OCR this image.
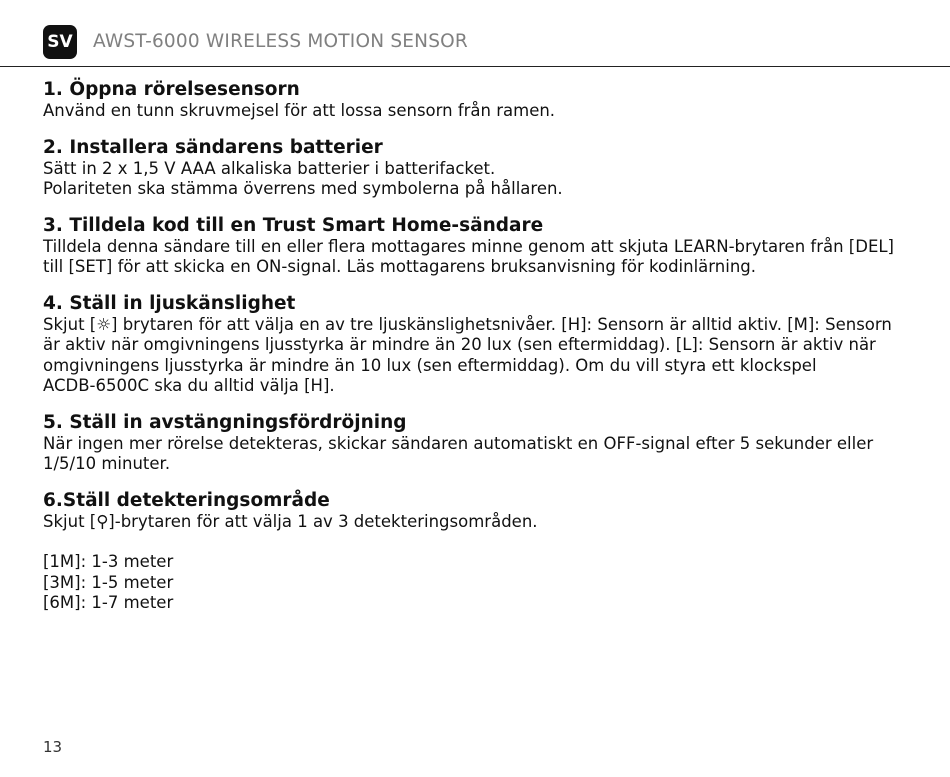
SV AWST-6000 WIRELESS MOTION SENSOR
1. Öppna rörelsesensorn

Använd en tunn skruvmejsel för att lossa sensorn från ramen.

2. Installera sändarens batterier

Sätt in 2 x 1,5 V AAA alkaliska batterier i batterifacket.

Polariteten ska stämma överrens med symbolerna på hållaren.

3. Tilldela kod till en Trust Smart Home-sändare

Tilldela denna sändare till en eller flera mottagares minne genom att skjuta LEARN-brytaren från [DEL]

till [SET] för att skicka en ON-signal. Läs mottagarens bruksanvisning för kodinlärning.

4. Ställ in ljuskänslighet

Skjut [☼] brytaren för att välja en av tre ljuskänslighetsnivåer. [H]: Sensorn är alltid aktiv. [M]: Sensorn

är aktiv när omgivningens ljusstyrka är mindre än 20 lux (sen eftermiddag). [L]: Sensorn är aktiv när

omgivningens ljusstyrka är mindre än 10 lux (sen eftermiddag). Om du vill styra ett klockspel

ACDB-6500C ska du alltid välja [H].

5. Ställ in avstängningsfördröjning

När ingen mer rörelse detekteras, skickar sändaren automatiskt en OFF-signal efter 5 sekunder eller

1/5/10 minuter.

6.Ställ detekteringsområde

Skjut [⚲]-brytaren för att välja 1 av 3 detekteringsområden.

[1M]: 1-3 meter

[3M]: 1-5 meter

[6M]: 1-7 meter

13
